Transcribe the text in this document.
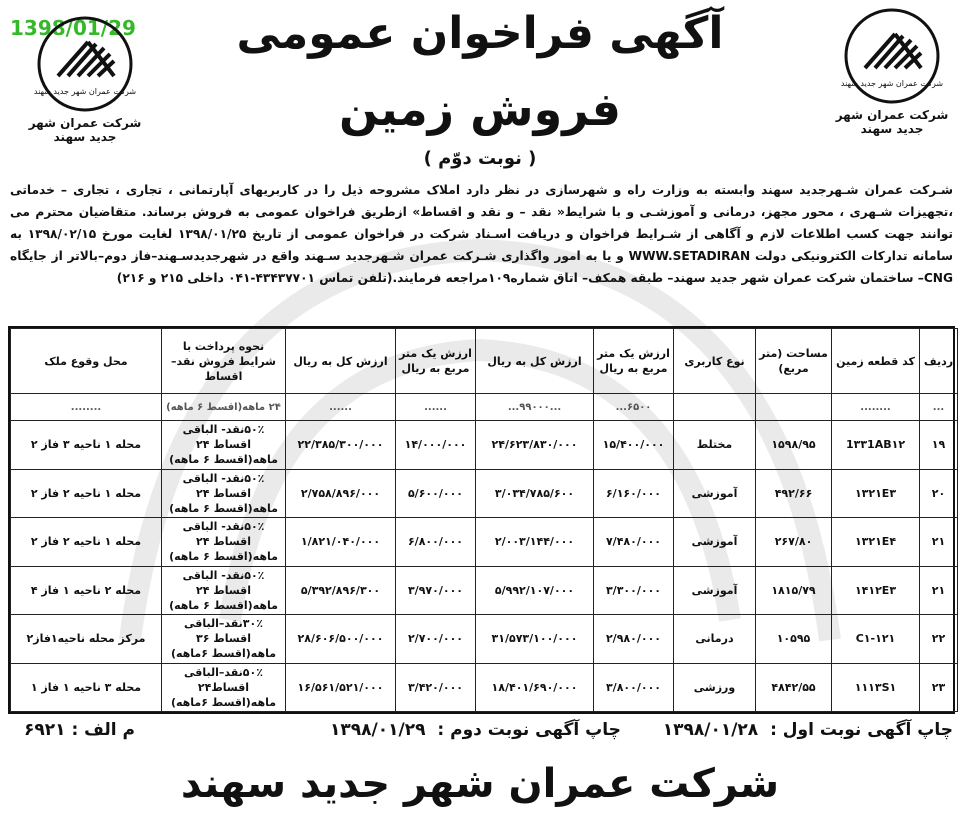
1398/01/29
شرکت عمران شهر جدید سهند
شرکت عمران شهر جدید سهند
شرکت عمران شهر جدید سهند
شرکت عمران شهر جدید سهند
آگهی فراخوان عمومی
فروش زمین
( نوبت دوّم )
شـرکت عمران شـهرجدید سهند وابسته به وزارت راه و شهرسازی در نظر دارد املاک مشروحه ذیل را در کاربریهای آپارتمانی ، تجاری ، تجاری – خدماتی ،تجهیزات شـهری ، محور مجهز، درمانی و آموزشـی و با شرایط« نقد – و نقد و اقساط» ازطریق فراخوان عمومی به فروش برساند. متقاضیان محترم می توانند جهت کسب اطلاعات لازم و آگاهی از شـرایط فراخوان و دریافت اسـناد شرکت در فراخوان عمومی از تاریخ ۱۳۹۸/۰۱/۲۵ لغایت مورخ ۱۳۹۸/۰۲/۱۵ به سامانه تدارکات الکترونیکی دولت WWW.SETADIRAN و یا به امور واگذاری شـرکت عمران شـهرجدید سـهند واقع در شهرجدیدسـهند–فاز دوم–بالاتر از جایگاه CNG– ساختمان شرکت عمران شهر جدید سهند– طبقه همکف– اتاق شماره۱۰۹مراجعه فرمایند.(تلفن تماس ۴۳۴۳۷۷۰۱-۰۴۱ داخلی ۲۱۵ و ۲۱۶)
ردیف	کد قطعه زمین	مساحت (متر مربع)	نوع کاربری	ارزش یک متر مربع به ریال	ارزش کل به ریال	ارزش یک متر مربع به ریال	ارزش کل به ریال	نحوه پرداخت با شرایط فروش نقد–اقساط	محل وقوع ملک
...	........			۶۵۰۰...	...۹۹۰۰۰...	......	......	۲۴ ماهه(اقسط ۶ ماهه)	........
۱۹	1۳۳1AB۱۲	۱۵۹۸/۹۵	مختلط	۱۵/۴۰۰/۰۰۰	۲۴/۶۲۳/۸۳۰/۰۰۰	۱۴/۰۰۰/۰۰۰	۲۲/۳۸۵/۳۰۰/۰۰۰	۵۰٪نقد- الباقی اقساط ۲۴ ماهه(اقسط ۶ ماهه)	محله ۱ ناحیه ۳ فاز ۲
۲۰	۱۳۲۱E۳	۴۹۲/۶۶	آموزشی	۶/۱۶۰/۰۰۰	۳/۰۳۴/۷۸۵/۶۰۰	۵/۶۰۰/۰۰۰	۲/۷۵۸/۸۹۶/۰۰۰	۵۰٪نقد- الباقی اقساط ۲۴ ماهه(اقسط ۶ ماهه)	محله ۱ ناحیه ۲ فاز ۲
۲۱	۱۳۲۱E۴	۲۶۷/۸۰	آموزشی	۷/۴۸۰/۰۰۰	۲/۰۰۳/۱۴۴/۰۰۰	۶/۸۰۰/۰۰۰	۱/۸۲۱/۰۴۰/۰۰۰	۵۰٪نقد- الباقی اقساط ۲۴ ماهه(اقسط ۶ ماهه)	محله ۱ ناحیه ۲ فاز ۲
۲۱	۱۴۱۲E۳	۱۸۱۵/۷۹	آموزشی	۳/۳۰۰/۰۰۰	۵/۹۹۲/۱۰۷/۰۰۰	۳/۹۷۰/۰۰۰	۵/۳۹۲/۸۹۶/۳۰۰	۵۰٪نقد- الباقی اقساط ۲۴ ماهه(اقسط ۶ ماهه)	محله ۲ ناحیه ۱ فاز ۴
۲۲	۱۲۱-C۱	۱۰۵۹۵	درمانی	۲/۹۸۰/۰۰۰	۳۱/۵۷۳/۱۰۰/۰۰۰	۲/۷۰۰/۰۰۰	۲۸/۶۰۶/۵۰۰/۰۰۰	۳۰٪نقد–الباقی اقساط ۳۶ ماهه(اقسط ۶ماهه)	مرکز محله ناحیه۱فاز۲
۲۳	۱۱۱۳S۱	۴۸۴۲/۵۵	ورزشی	۳/۸۰۰/۰۰۰	۱۸/۴۰۱/۶۹۰/۰۰۰	۳/۴۲۰/۰۰۰	۱۶/۵۶۱/۵۲۱/۰۰۰	۵۰٪نقد–الباقی اقساط۲۴ ماهه(اقسط ۶ماهه)	محله ۳ ناحیه ۱ فاز ۱
چاپ آگهی نوبت اول : ۱۳۹۸/۰۱/۲۸  چاپ آگهی نوبت دوم : ۱۳۹۸/۰۱/۲۹
م الف : ۶۹۲۱
شرکت عمران شهر جدید سهند
